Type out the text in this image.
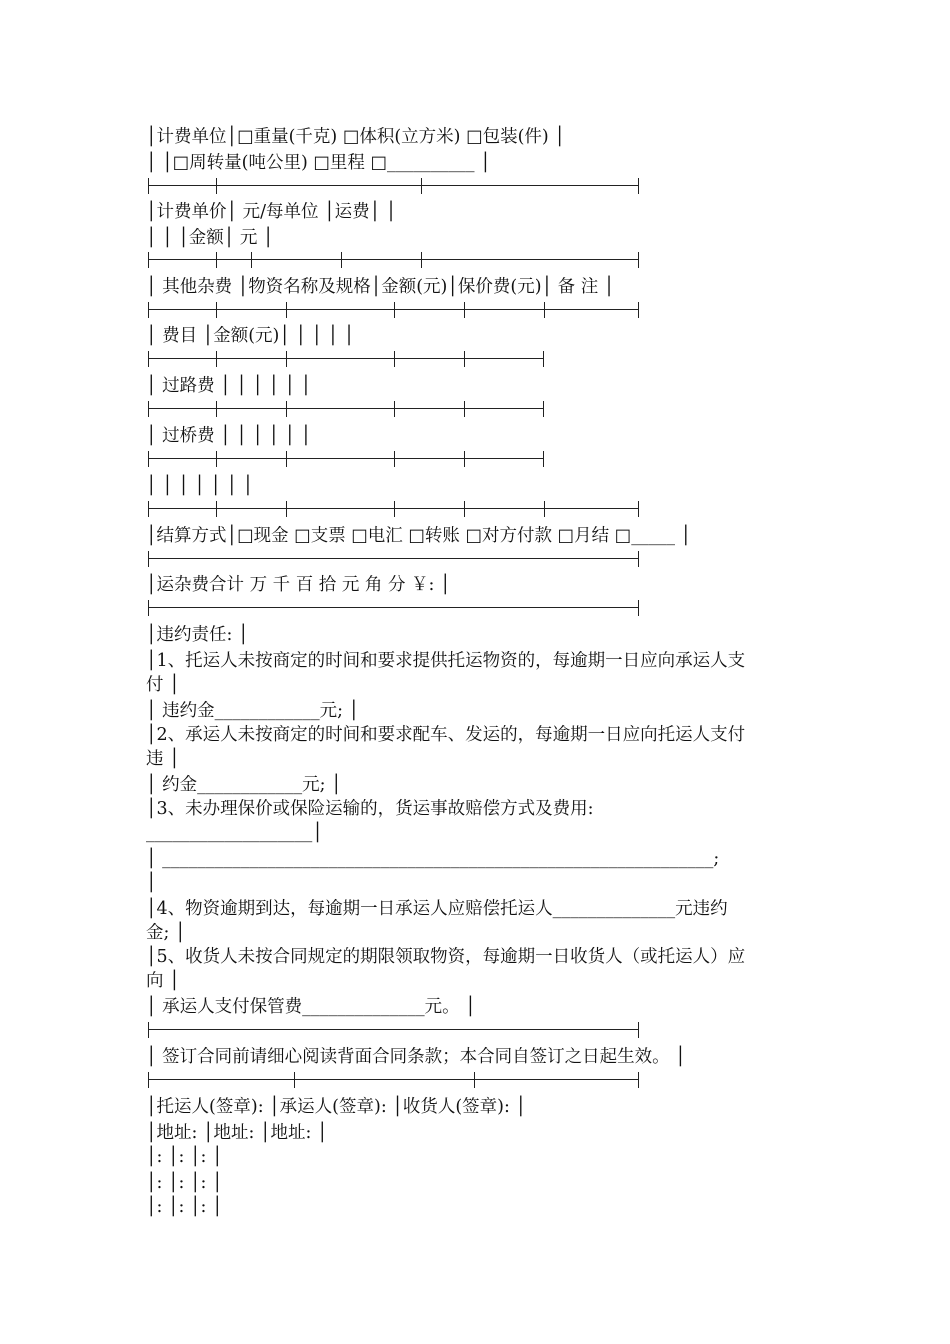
│计费单位│□重量(千克) □体积(立方米) □包装(件) │
│ │□周转量(吨公里) □里程 □__________ │
│计费单价│ 元/每单位 │运费│ │
│ │ │金额│ 元 │
│ 其他杂费 │物资名称及规格│金额(元)│保价费(元)│ 备 注 │
│ 费目 │金额(元)│ │ │ │ │
│ 过路费 │ │ │ │ │ │
│ 过桥费 │ │ │ │ │ │
│ │ │ │ │ │ │
│结算方式│□现金 □支票 □电汇 □转账 □对方付款 □月结 □_____ │
│运杂费合计 万 千 百 拾 元 角 分 ￥: │
│违约责任: │
│1、托运人未按商定的时间和要求提供托运物资的，每逾期一日应向承运人支
付 │
│ 违约金____________元; │
│2、承运人未按商定的时间和要求配车、发运的，每逾期一日应向托运人支付
违 │
│ 约金____________元; │
│3、未办理保价或保险运输的，货运事故赔偿方式及费用:
___________________│
│ _______________________________________________________________;
│
│4、物资逾期到达，每逾期一日承运人应赔偿托运人______________元违约
金; │
│5、收货人未按合同规定的期限领取物资，每逾期一日收货人（或托运人）应
向 │
│ 承运人支付保管费______________元。 │
│ 签订合同前请细心阅读背面合同条款；本合同自签订之日起生效。 │
│托运人(签章): │承运人(签章): │收货人(签章): │
│地址: │地址: │地址: │
│: │: │: │
│: │: │: │
│: │: │: │
